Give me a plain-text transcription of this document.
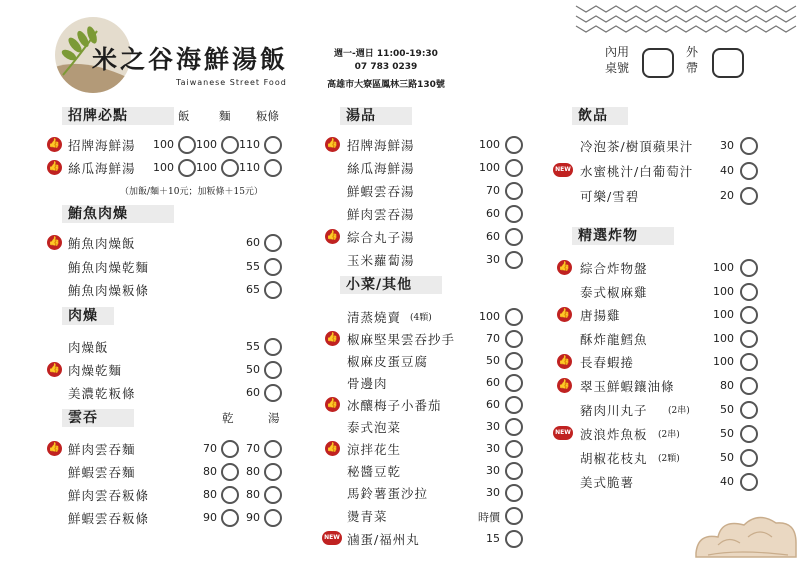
米之谷海鮮湯飯
Taiwanese Street Food
週一-週日 11:00-19:30
07 783 0239
高雄市大寮區鳳林三路130號
內用
桌號
外
帶
招牌必點	飯	麵 粄條
👍 招牌海鮮湯	100	100	110
👍 絲瓜海鮮湯	100	100	110
（加飯/麵＋10元；加粄條＋15元）
鮪魚肉燥
👍 鮪魚肉燥飯	60
鮪魚肉燥乾麵	55
鮪魚肉燥粄條	65
肉燥
肉燥飯	55
👍 肉燥乾麵	50
美濃乾粄條	60
雲吞	乾	湯
👍 鮮肉雲吞麵	70	70
鮮蝦雲吞麵	80	80
鮮肉雲吞粄條	80	80
鮮蝦雲吞粄條	90	90
湯品
👍 招牌海鮮湯	100
絲瓜海鮮湯	100
鮮蝦雲吞湯	70
鮮肉雲吞湯	60
👍 綜合丸子湯	60
玉米蘿蔔湯	30
小菜/其他
清蒸燒賣 (4顆)	100
👍 椒麻堅果雲吞抄手	70
椒麻皮蛋豆腐	50
骨邊肉	60
👍 冰釀梅子小番茄	60
泰式泡菜	30
👍 涼拌花生	30
秘醬豆乾	30
馬鈴薯蛋沙拉	30
燙青菜	時價
NEW 滷蛋/福州丸	15
飲品
冷泡茶/樹頂蘋果汁	30
NEW 水蜜桃汁/白葡萄汁	40
可樂/雪碧	20
精選炸物
👍 綜合炸物盤	100
泰式椒麻雞	100
👍 唐揚雞	100
酥炸龍鱈魚	100
👍 長春蝦捲	100
👍 翠玉鮮蝦鑲油條	80
豬肉川丸子 (2串)	50
NEW 波浪炸魚板 (2串)	50
胡椒花枝丸 (2顆)	50
美式脆薯	40
